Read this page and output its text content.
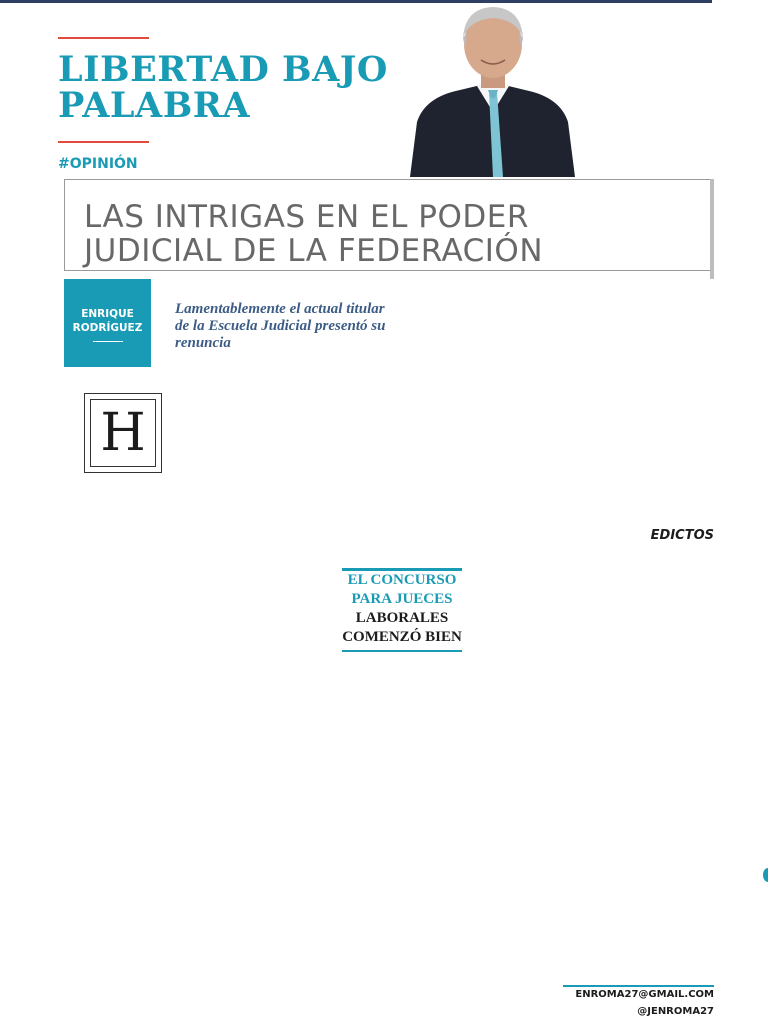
LIBERTAD BAJO
PALABRA
#OPINIÓN
LAS INTRIGAS EN EL PODER
JUDICIAL DE LA FEDERACIÓN
ENRIQUE
RODRÍGUEZ

Lamentablemente el actual titular de la Escuela Judicial presentó su renuncia

H
EL CONCURSO
PARA JUECES
LABORALES
COMENZÓ BIEN
EDICTOS
ENROMA27@GMAIL.COM
@JENROMA27
